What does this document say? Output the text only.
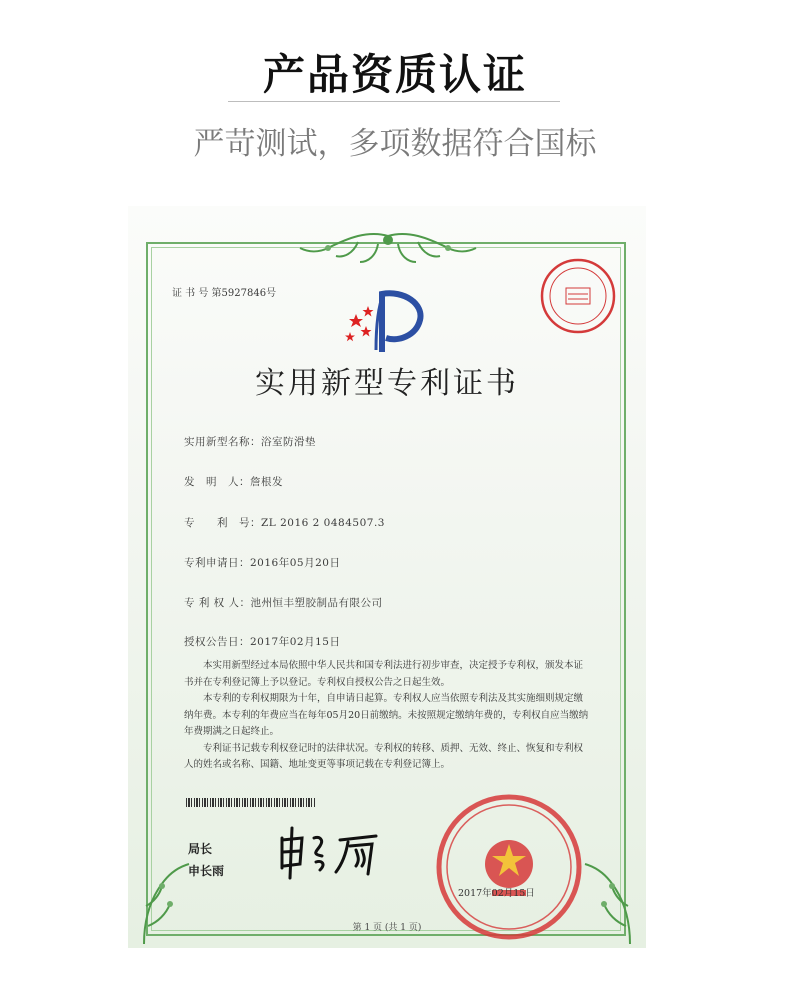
产品资质认证
严苛测试，多项数据符合国标
证 书 号 第5927846号
实用新型专利证书
实用新型名称：浴室防滑垫
发　明　人：詹根发
专　　利　号：ZL 2016 2 0484507.3
专利申请日：2016年05月20日
专 利 权 人：池州恒丰塑胶制品有限公司
授权公告日：2017年02月15日
本实用新型经过本局依照中华人民共和国专利法进行初步审查，决定授予专利权，颁发本证书并在专利登记簿上予以登记。专利权自授权公告之日起生效。
本专利的专利权期限为十年，自申请日起算。专利权人应当依照专利法及其实施细则规定缴纳年费。本专利的年费应当在每年05月20日前缴纳。未按照规定缴纳年费的，专利权自应当缴纳年费期满之日起终止。
专利证书记载专利权登记时的法律状况。专利权的转移、质押、无效、终止、恢复和专利权人的姓名或名称、国籍、地址变更等事项记载在专利登记簿上。
局长
申长雨
2017年02月15日
第 1 页 (共 1 页)
